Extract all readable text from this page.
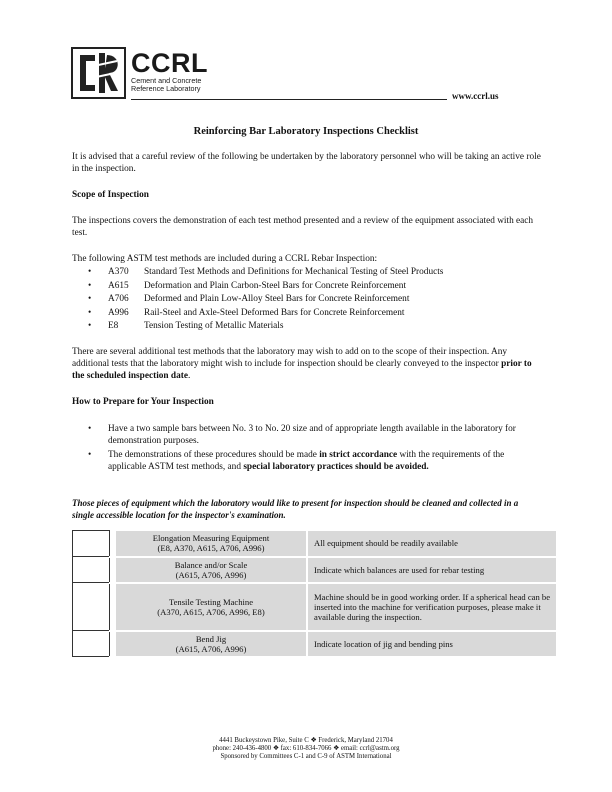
CCRL
Cement and Concrete
Reference Laboratory
www.ccrl.us
Reinforcing Bar Laboratory Inspections Checklist

It is advised that a careful review of the following be undertaken by the laboratory personnel who will be taking an active role in the inspection.

Scope of Inspection

The inspections covers the demonstration of each test method presented and a review of the equipment associated with each test.

The following ASTM test methods are included during a CCRL Rebar Inspection:

•	A370	Standard Test Methods and Definitions for Mechanical Testing of Steel Products
•	A615	Deformation and Plain Carbon-Steel Bars for Concrete Reinforcement
•	A706	Deformed and Plain Low-Alloy Steel Bars for Concrete Reinforcement
•	A996	Rail-Steel and Axle-Steel Deformed Bars for Concrete Reinforcement
•	E8	Tension Testing of Metallic Materials

There are several additional test methods that the laboratory may wish to add on to the scope of their inspection. Any additional tests that the laboratory might wish to include for inspection should be clearly conveyed to the inspector prior to the scheduled inspection date.

How to Prepare for Your Inspection
•	Have a two sample bars between No. 3 to No. 20 size and of appropriate length available in the laboratory for demonstration purposes.
•	The demonstrations of these procedures should be made in strict accordance with the requirements of the applicable ASTM test methods, and special laboratory practices should be avoided.
Those pieces of equipment which the laboratory would like to present for inspection should be cleaned and collected in a single accessible location for the inspector's examination.

		Elongation Measuring Equipment
(E8, A370, A615, A706, A996)	All equipment should be readily available

		Balance and/or Scale
(A615, A706, A996)	Indicate which balances are used for rebar testing

		Tensile Testing Machine
(A370, A615, A706, A996, E8)	Machine should be in good working order. If a spherical head can be inserted into the machine for verification purposes, please make it available during the inspection.

		Bend Jig
(A615, A706, A996)	Indicate location of jig and bending pins
4441 Buckeystown Pike, Suite C ❖ Frederick, Maryland 21704
phone: 240-436-4800 ❖ fax: 610-834-7066 ❖ email: ccrl@astm.org
Sponsored by Committees C-1 and C-9 of ASTM International
